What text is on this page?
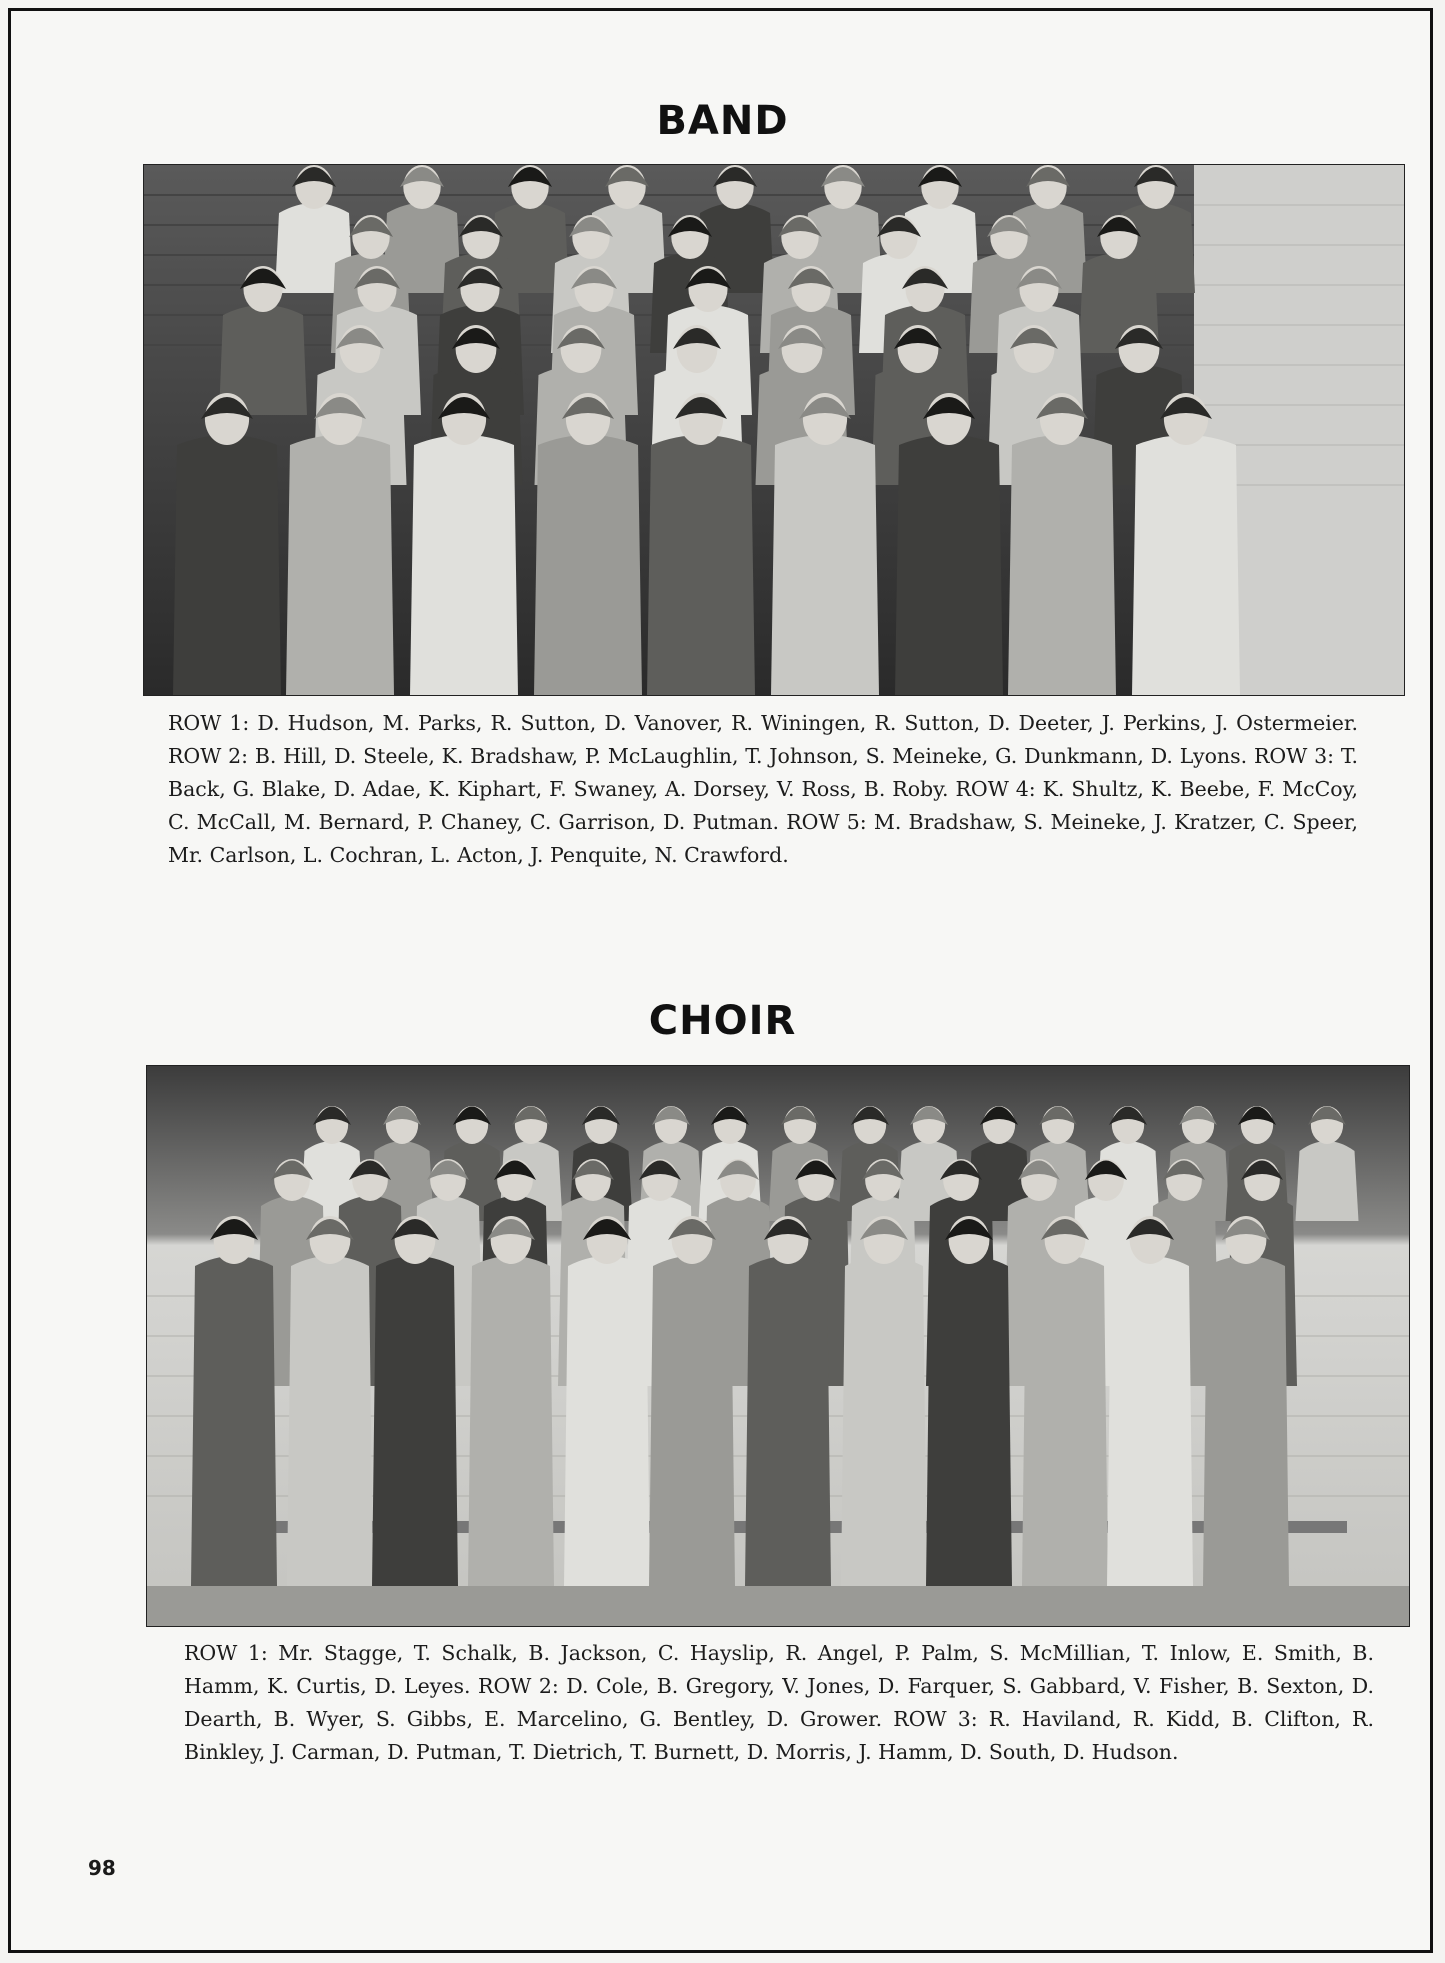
BAND
ROW 1: D. Hudson, M. Parks, R. Sutton, D. Vanover, R. Winingen, R. Sutton, D. Deeter, J. Perkins, J. Ostermeier. ROW 2: B. Hill, D. Steele, K. Bradshaw, P. McLaughlin, T. Johnson, S. Meineke, G. Dunkmann, D. Lyons. ROW 3: T. Back, G. Blake, D. Adae, K. Kiphart, F. Swaney, A. Dorsey, V. Ross, B. Roby. ROW 4: K. Shultz, K. Beebe, F. McCoy, C. McCall, M. Bernard, P. Chaney, C. Garrison, D. Putman. ROW 5: M. Bradshaw, S. Meineke, J. Kratzer, C. Speer, Mr. Carlson, L. Cochran, L. Acton, J. Penquite, N. Crawford.
CHOIR
ROW 1: Mr. Stagge, T. Schalk, B. Jackson, C. Hayslip, R. Angel, P. Palm, S. McMillian, T. Inlow, E. Smith, B. Hamm, K. Curtis, D. Leyes. ROW 2: D. Cole, B. Gregory, V. Jones, D. Farquer, S. Gabbard, V. Fisher, B. Sexton, D. Dearth, B. Wyer, S. Gibbs, E. Marcelino, G. Bentley, D. Grower. ROW 3: R. Haviland, R. Kidd, B. Clifton, R. Binkley, J. Carman, D. Putman, T. Dietrich, T. Burnett, D. Morris, J. Hamm, D. South, D. Hudson.
98
